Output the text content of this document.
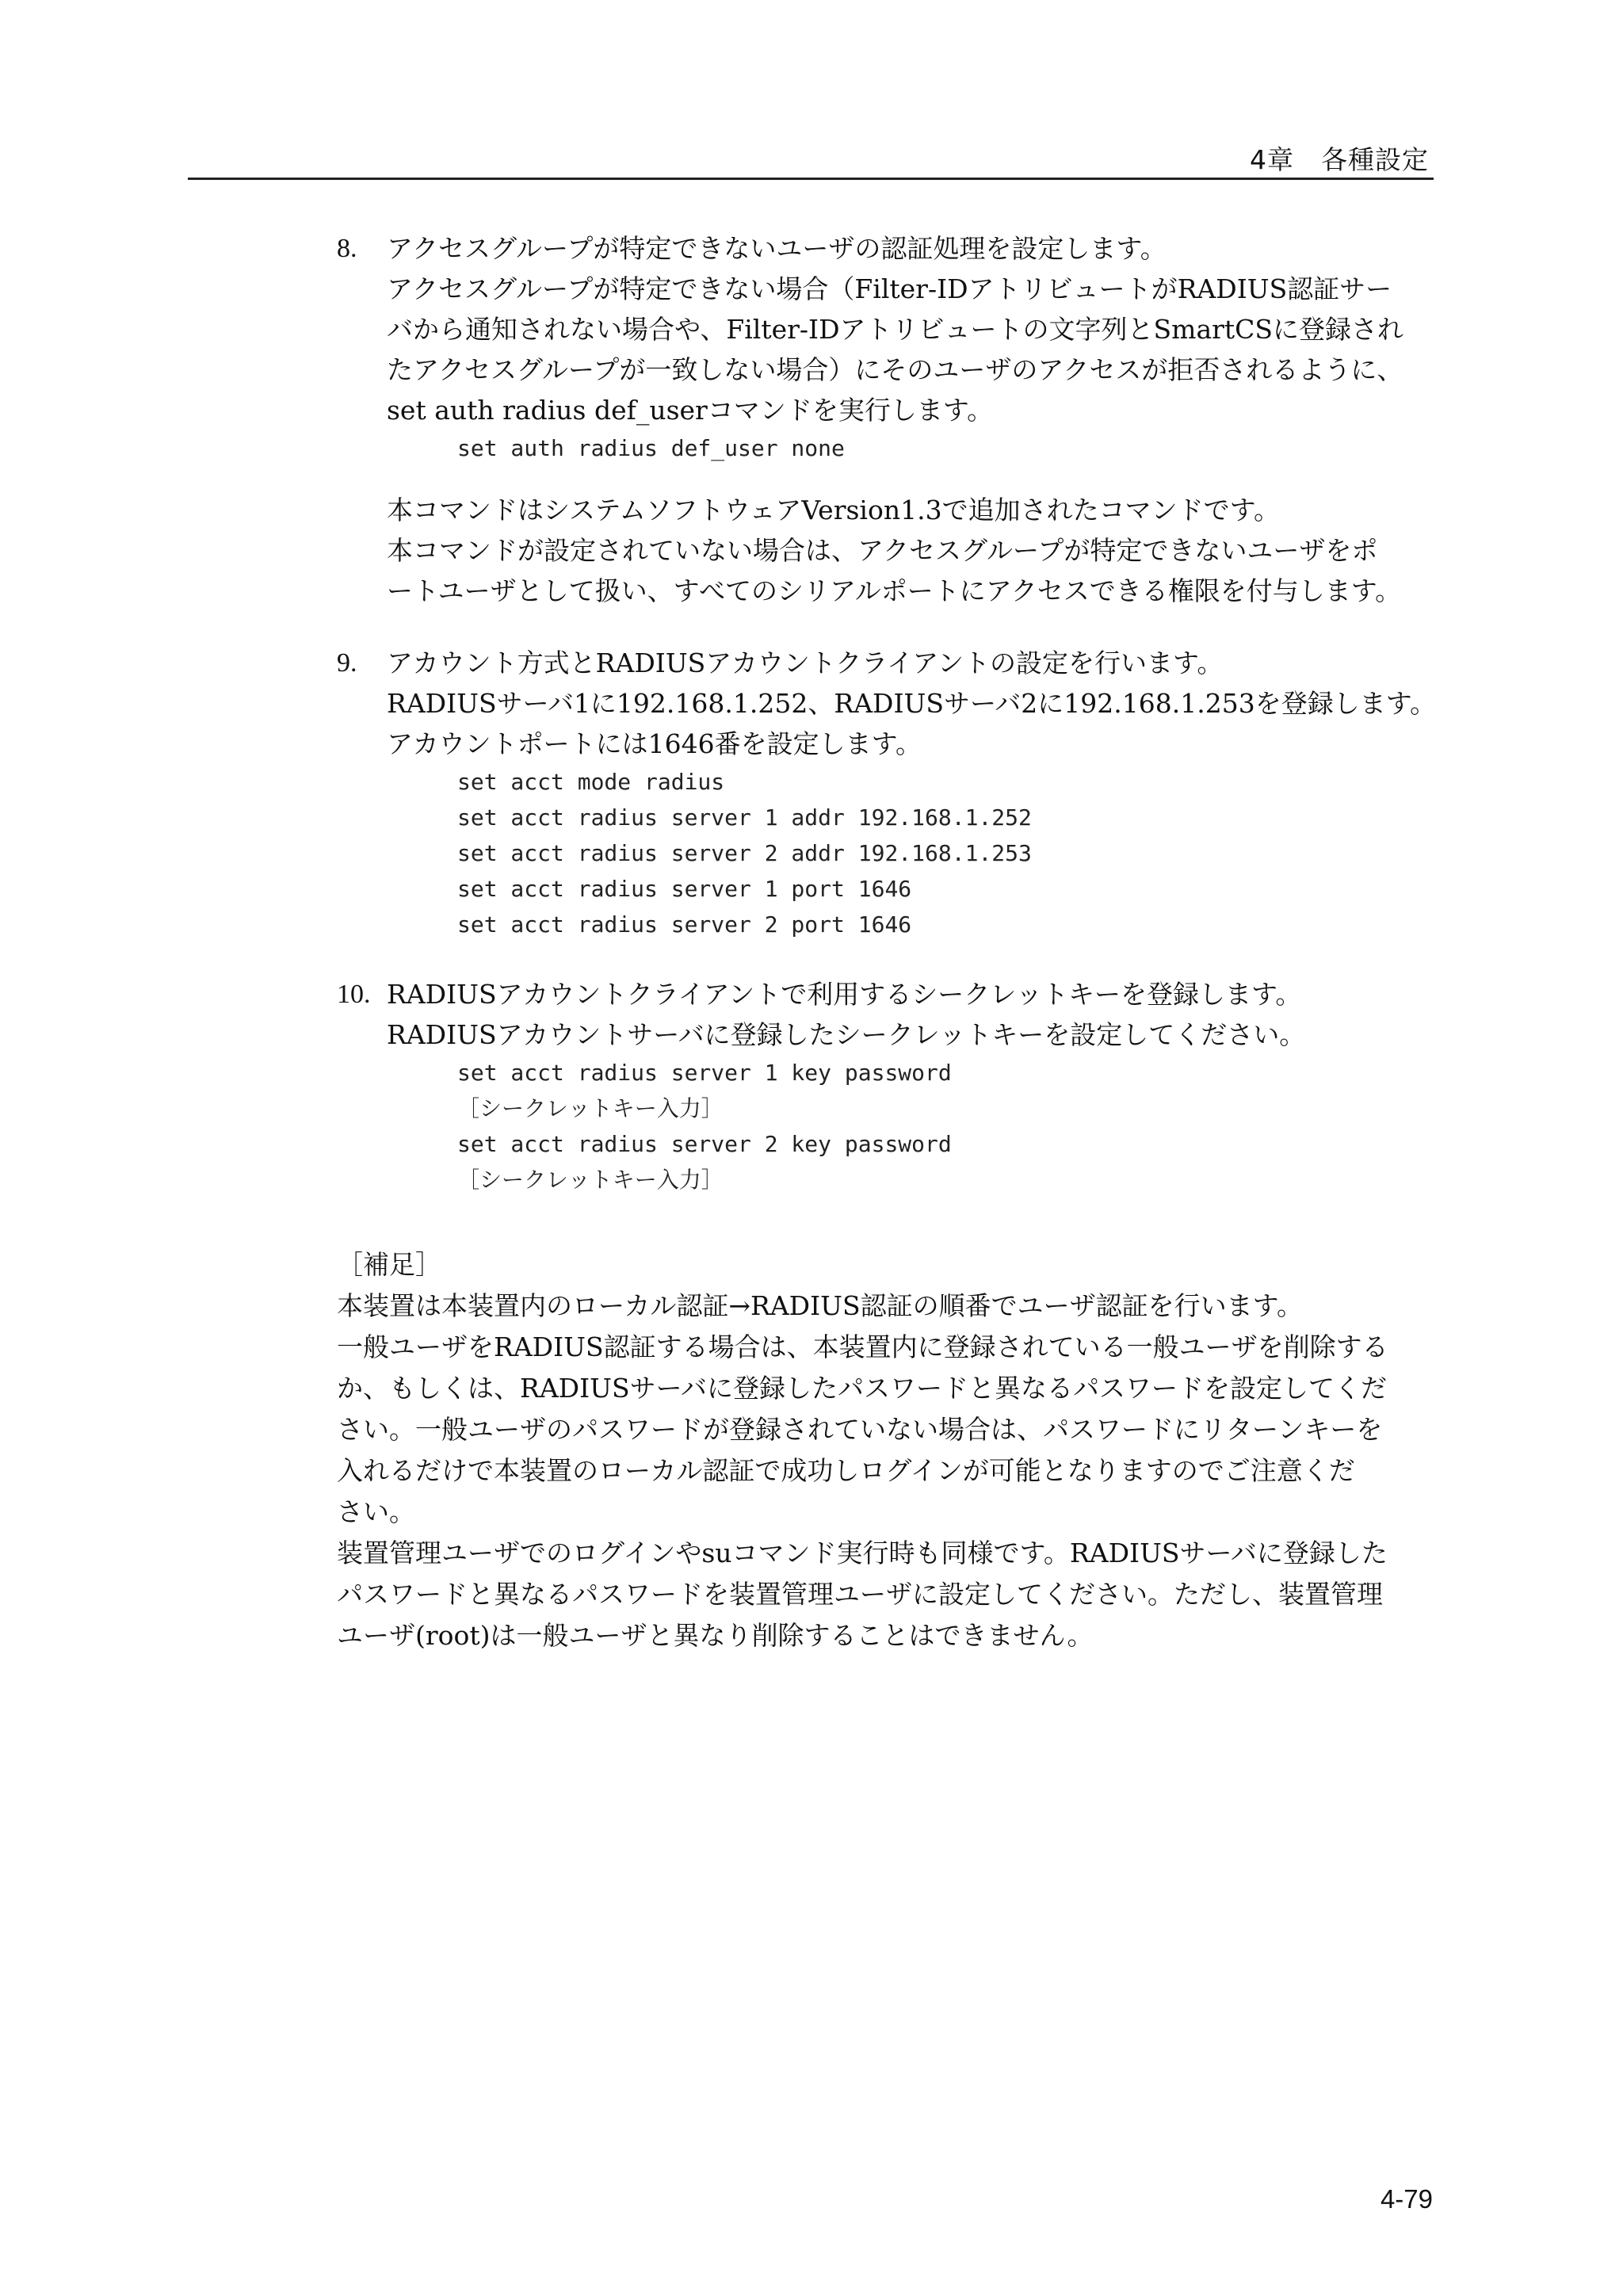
4章　各種設定
8. アクセスグループが特定できないユーザの認証処理を設定します。
アクセスグループが特定できない場合（Filter-IDアトリビュートがRADIUS認証サー
バから通知されない場合や、Filter-IDアトリビュートの文字列とSmartCSに登録され
たアクセスグループが一致しない場合）にそのユーザのアクセスが拒否されるように、
set auth radius def_userコマンドを実行します。
set auth radius def_user none
本コマンドはシステムソフトウェアVersion1.3で追加されたコマンドです。
本コマンドが設定されていない場合は、アクセスグループが特定できないユーザをポ
ートユーザとして扱い、すべてのシリアルポートにアクセスできる権限を付与します。
9. アカウント方式とRADIUSアカウントクライアントの設定を行います。
RADIUSサーバ1に192.168.1.252、RADIUSサーバ2に192.168.1.253を登録します。
アカウントポートには1646番を設定します。
set acct mode radius
set acct radius server 1 addr 192.168.1.252
set acct radius server 2 addr 192.168.1.253
set acct radius server 1 port 1646
set acct radius server 2 port 1646
10. RADIUSアカウントクライアントで利用するシークレットキーを登録します。
RADIUSアカウントサーバに登録したシークレットキーを設定してください。
set acct radius server 1 key password
［シークレットキー入力］
set acct radius server 2 key password
［シークレットキー入力］
［補足］
本装置は本装置内のローカル認証→RADIUS認証の順番でユーザ認証を行います。
一般ユーザをRADIUS認証する場合は、本装置内に登録されている一般ユーザを削除する
か、もしくは、RADIUSサーバに登録したパスワードと異なるパスワードを設定してくだ
さい。一般ユーザのパスワードが登録されていない場合は、パスワードにリターンキーを
入れるだけで本装置のローカル認証で成功しログインが可能となりますのでご注意くだ
さい。
装置管理ユーザでのログインやsuコマンド実行時も同様です。RADIUSサーバに登録した
パスワードと異なるパスワードを装置管理ユーザに設定してください。ただし、装置管理
ユーザ(root)は一般ユーザと異なり削除することはできません。
4-79
